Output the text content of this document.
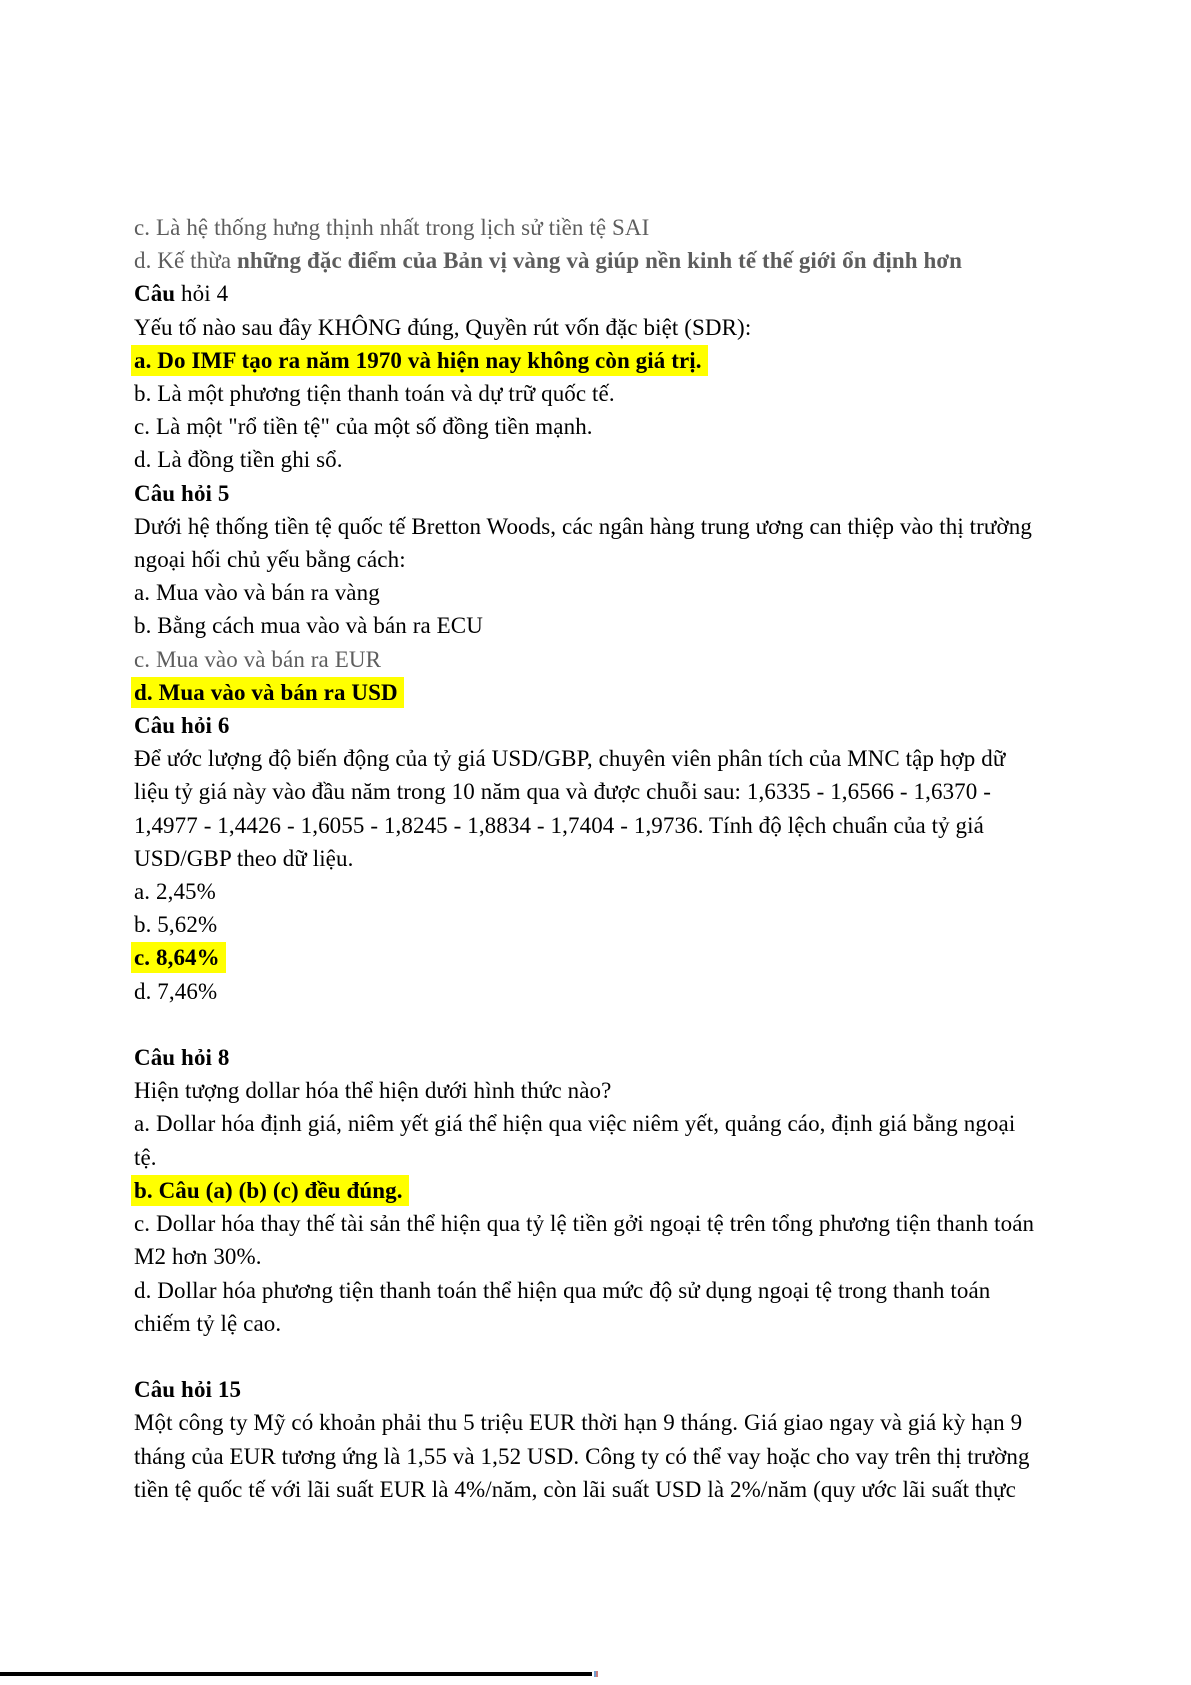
c. Là hệ thống hưng thịnh nhất trong lịch sử tiền tệ SAI
d. Kế thừa những đặc điểm của Bản vị vàng và giúp nền kinh tế thế giới ổn định hơn
Câu hỏi 4
Yếu tố nào sau đây KHÔNG đúng, Quyền rút vốn đặc biệt (SDR):
a. Do IMF tạo ra năm 1970 và hiện nay không còn giá trị.
b. Là một phương tiện thanh toán và dự trữ quốc tế.
c. Là một "rổ tiền tệ" của một số đồng tiền mạnh.
d. Là đồng tiền ghi sổ.
Câu hỏi 5
Dưới hệ thống tiền tệ quốc tế Bretton Woods, các ngân hàng trung ương can thiệp vào thị trường
ngoại hối chủ yếu bằng cách:
a. Mua vào và bán ra vàng
b. Bằng cách mua vào và bán ra ECU
c. Mua vào và bán ra EUR
d. Mua vào và bán ra USD
Câu hỏi 6
Để ước lượng độ biến động của tỷ giá USD/GBP, chuyên viên phân tích của MNC tập hợp dữ
liệu tỷ giá này vào đầu năm trong 10 năm qua và được chuỗi sau: 1,6335 - 1,6566 - 1,6370 -
1,4977 - 1,4426 - 1,6055 - 1,8245 - 1,8834 - 1,7404 - 1,9736. Tính độ lệch chuẩn của tỷ giá
USD/GBP theo dữ liệu.
a. 2,45%
b. 5,62%
c. 8,64%
d. 7,46%

Câu hỏi 8
Hiện tượng dollar hóa thể hiện dưới hình thức nào?
a. Dollar hóa định giá, niêm yết giá thể hiện qua việc niêm yết, quảng cáo, định giá bằng ngoại
tệ.
b. Câu (a) (b) (c) đều đúng.
c. Dollar hóa thay thế tài sản thể hiện qua tỷ lệ tiền gởi ngoại tệ trên tổng phương tiện thanh toán
M2 hơn 30%.
d. Dollar hóa phương tiện thanh toán thể hiện qua mức độ sử dụng ngoại tệ trong thanh toán
chiếm tỷ lệ cao.

Câu hỏi 15
Một công ty Mỹ có khoản phải thu 5 triệu EUR thời hạn 9 tháng. Giá giao ngay và giá kỳ hạn 9
tháng của EUR tương ứng là 1,55 và 1,52 USD. Công ty có thể vay hoặc cho vay trên thị trường
tiền tệ quốc tế với lãi suất EUR là 4%/năm, còn lãi suất USD là 2%/năm (quy ước lãi suất thực
